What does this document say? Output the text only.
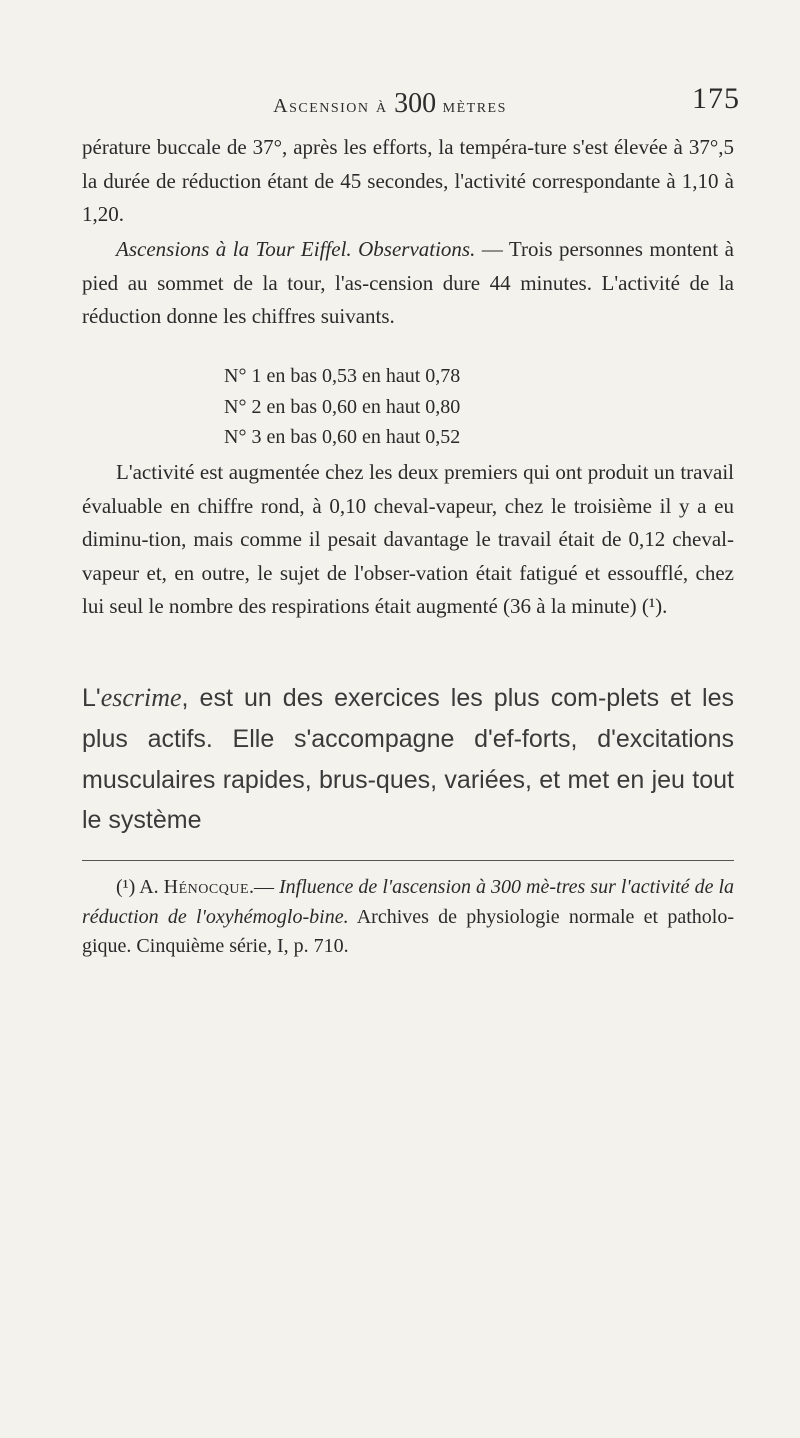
Ascension à 300 mètres	175

pérature buccale de 37°, après les efforts, la tempéra-ture s'est élevée à 37°,5 la durée de réduction étant de 45 secondes, l'activité correspondante à 1,10 à 1,20.

Ascensions à la Tour Eiffel. Observations. — Trois personnes montent à pied au sommet de la tour, l'as-cension dure 44 minutes. L'activité de la réduction donne les chiffres suivants.

N° 1 en bas 0,53 en haut 0,78
N° 2 en bas 0,60 en haut 0,80
N° 3 en bas 0,60 en haut 0,52

L'activité est augmentée chez les deux premiers qui ont produit un travail évaluable en chiffre rond, à 0,10 cheval-vapeur, chez le troisième il y a eu diminu-tion, mais comme il pesait davantage le travail était de 0,12 cheval-vapeur et, en outre, le sujet de l'obser-vation était fatigué et essoufflé, chez lui seul le nombre des respirations était augmenté (36 à la minute) (¹).

L'escrime, est un des exercices les plus com-plets et les plus actifs. Elle s'accompagne d'ef-forts, d'excitations musculaires rapides, brus-ques, variées, et met en jeu tout le système

(¹) A. Hénocque.— Influence de l'ascension à 300 mè-tres sur l'activité de la réduction de l'oxyhémoglo-bine. Archives de physiologie normale et patholo-gique. Cinquième série, I, p. 710.
